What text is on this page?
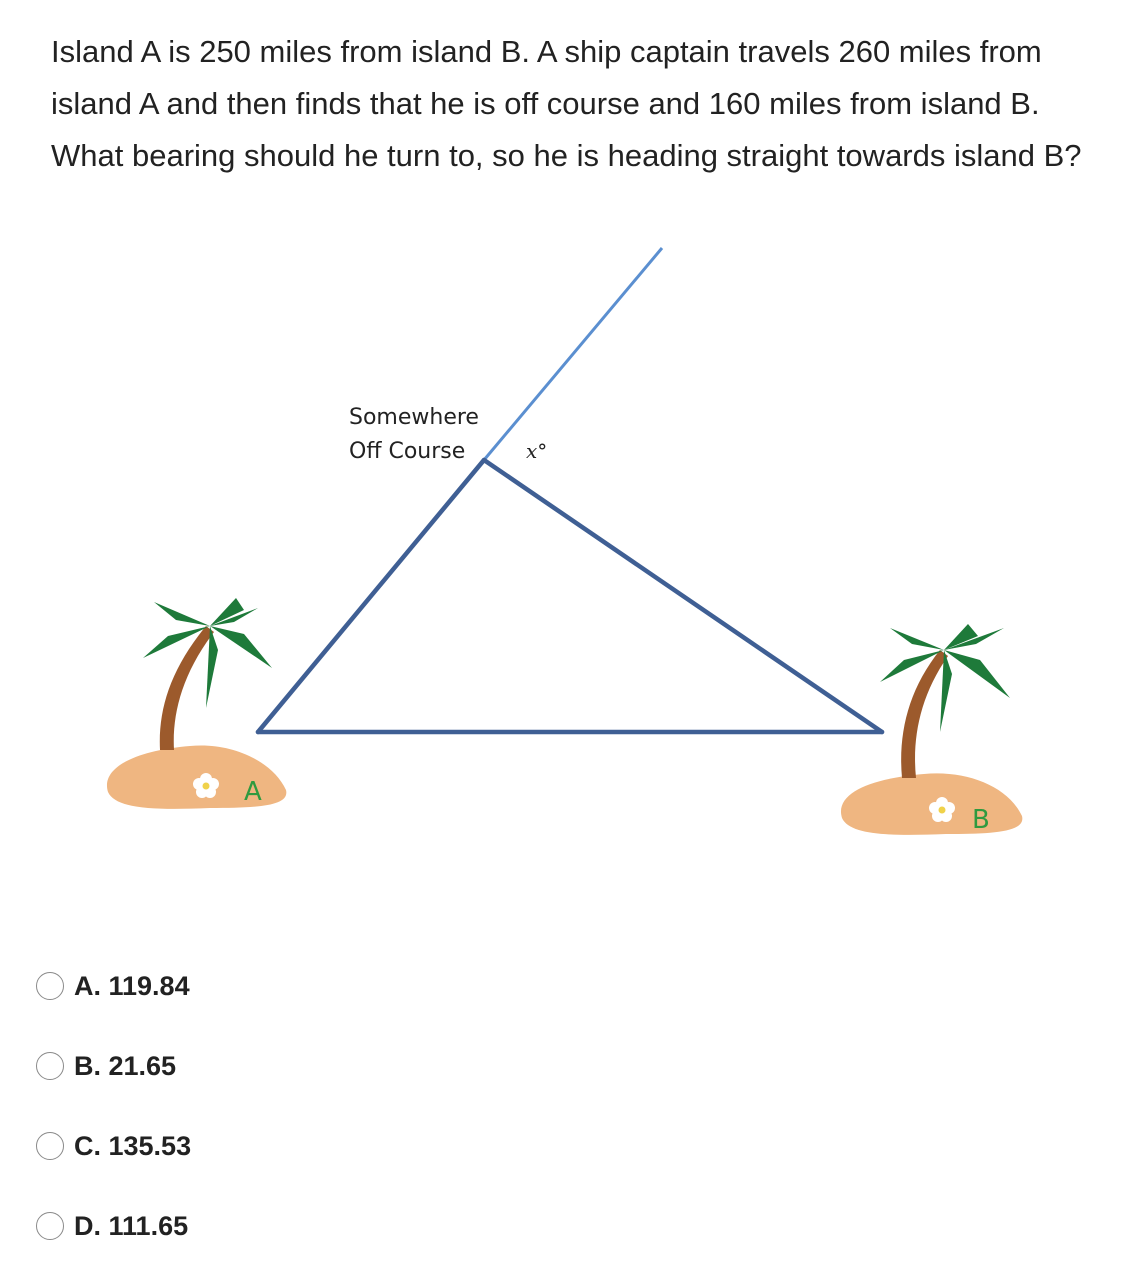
Island A is 250 miles from island B. A ship captain travels 260 miles from island A and then finds that he is off course and 160 miles from island B. What bearing should he turn to, so he is heading straight towards island B?

Somewhere
Off Course	x°
A
B
A. 119.84
B. 21.65
C. 135.53
D. 111.65
